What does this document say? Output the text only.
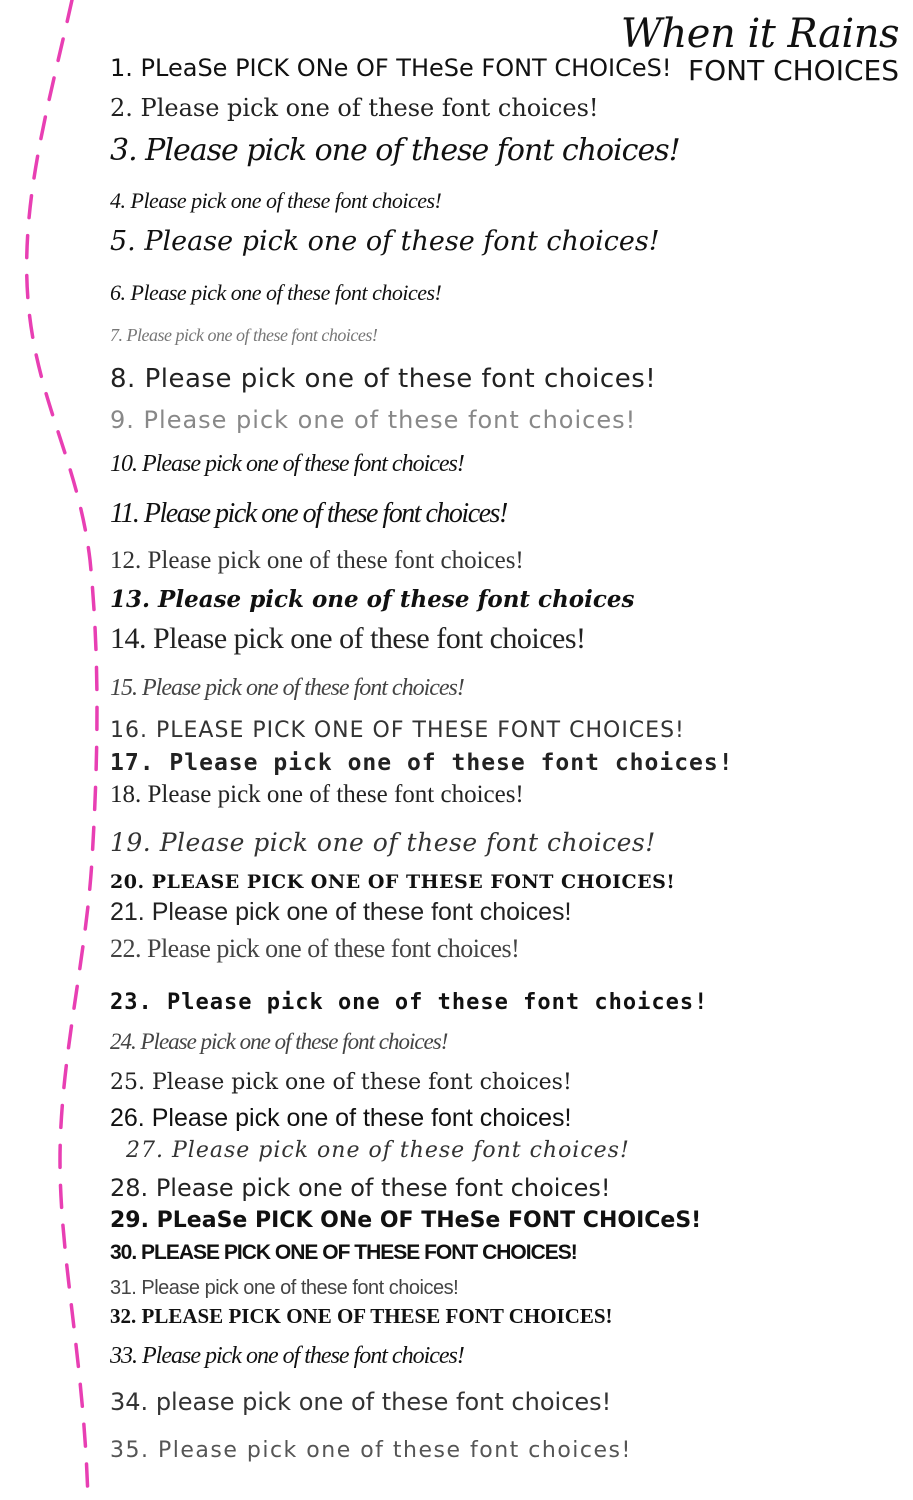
When it Rains
FONT CHOICES
1. PLeaSe PICK ONe OF THeSe FONT CHOICeS!
2. Please pick one of these font choices!
3. Please pick one of these font choices!
4. Please pick one of these font choices!
5. Please pick one of these font choices!
6. Please pick one of these font choices!
7. Please pick one of these font choices!
8. Please pick one of these font choices!
9. Please pick one of these font choices!
10. Please pick one of these font choices!
11. Please pick one of these font choices!
12. Please pick one of these font choices!
13. Please pick one of these font choices
14. Please pick one of these font choices!
15. Please pick one of these font choices!
16. PLEASE PICK ONE OF THESE FONT CHOICES!
17. Please pick one of these font choices!
18. Please pick one of these font choices!
19. Please pick one of these font choices!
20. PLEASE PICK ONE OF THESE FONT CHOICES!
21. Please pick one of these font choices!
22. Please pick one of these font choices!
23. Please pick one of these font choices!
24. Please pick one of these font choices!
25. Please pick one of these font choices!
26. Please pick one of these font choices!
27. Please pick one of these font choices!
28. Please pick one of these font choices!
29. PLeaSe PICK ONe OF THeSe FONT CHOICeS!
30. PLEASE PICK ONE OF THESE FONT CHOICES!
31. Please pick one of these font choices!
32. PLEASE PICK ONE OF THESE FONT CHOICES!
33. Please pick one of these font choices!
34. please pick one of these font choices!
35. Please pick one of these font choices!
